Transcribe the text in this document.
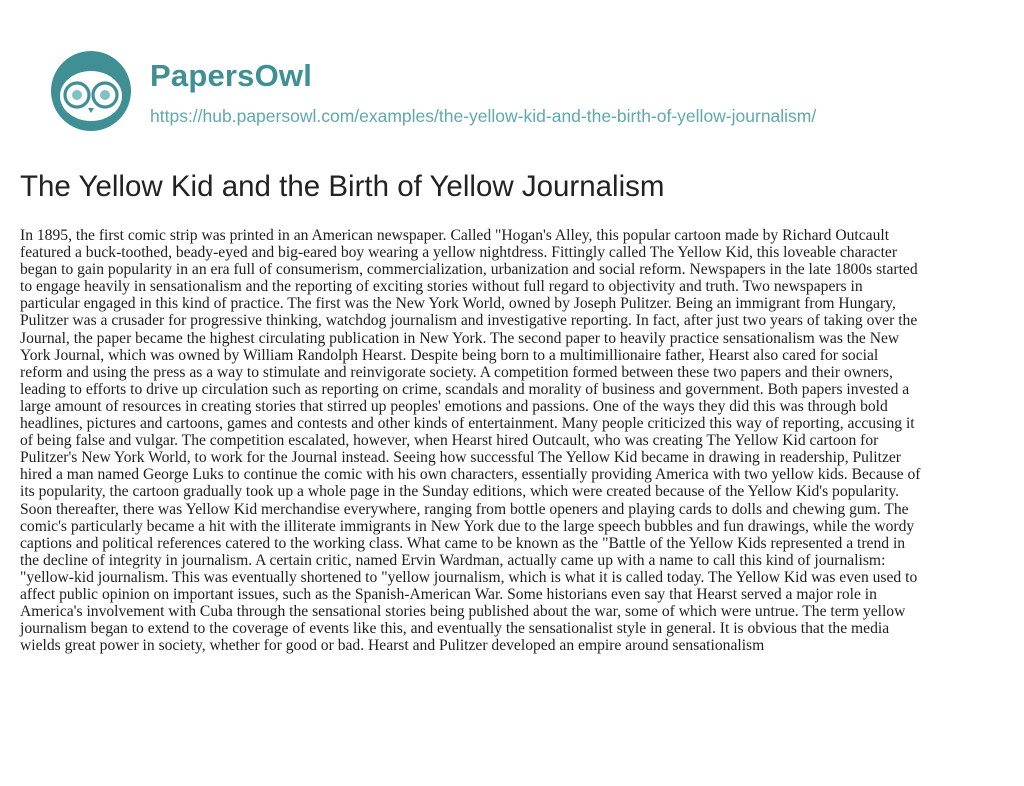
PapersOwl
https://hub.papersowl.com/examples/the-yellow-kid-and-the-birth-of-yellow-journalism/
The Yellow Kid and the Birth of Yellow Journalism
In 1895, the first comic strip was printed in an American newspaper. Called "Hogan's Alley, this popular cartoon made by Richard Outcault
featured a buck-toothed, beady-eyed and big-eared boy wearing a yellow nightdress. Fittingly called The Yellow Kid, this loveable character
began to gain popularity in an era full of consumerism, commercialization, urbanization and social reform. Newspapers in the late 1800s started
to engage heavily in sensationalism and the reporting of exciting stories without full regard to objectivity and truth. Two newspapers in
particular engaged in this kind of practice. The first was the New York World, owned by Joseph Pulitzer. Being an immigrant from Hungary,
Pulitzer was a crusader for progressive thinking, watchdog journalism and investigative reporting. In fact, after just two years of taking over the
Journal, the paper became the highest circulating publication in New York. The second paper to heavily practice sensationalism was the New
York Journal, which was owned by William Randolph Hearst. Despite being born to a multimillionaire father, Hearst also cared for social
reform and using the press as a way to stimulate and reinvigorate society. A competition formed between these two papers and their owners,
leading to efforts to drive up circulation such as reporting on crime, scandals and morality of business and government. Both papers invested a
large amount of resources in creating stories that stirred up peoples' emotions and passions. One of the ways they did this was through bold
headlines, pictures and cartoons, games and contests and other kinds of entertainment. Many people criticized this way of reporting, accusing it
of being false and vulgar. The competition escalated, however, when Hearst hired Outcault, who was creating The Yellow Kid cartoon for
Pulitzer's New York World, to work for the Journal instead. Seeing how successful The Yellow Kid became in drawing in readership, Pulitzer
hired a man named George Luks to continue the comic with his own characters, essentially providing America with two yellow kids. Because of
its popularity, the cartoon gradually took up a whole page in the Sunday editions, which were created because of the Yellow Kid's popularity.
Soon thereafter, there was Yellow Kid merchandise everywhere, ranging from bottle openers and playing cards to dolls and chewing gum. The
comic's particularly became a hit with the illiterate immigrants in New York due to the large speech bubbles and fun drawings, while the wordy
captions and political references catered to the working class. What came to be known as the "Battle of the Yellow Kids represented a trend in
the decline of integrity in journalism. A certain critic, named Ervin Wardman, actually came up with a name to call this kind of journalism:
"yellow-kid journalism. This was eventually shortened to "yellow journalism, which is what it is called today. The Yellow Kid was even used to
affect public opinion on important issues, such as the Spanish-American War. Some historians even say that Hearst served a major role in
America's involvement with Cuba through the sensational stories being published about the war, some of which were untrue. The term yellow
journalism began to extend to the coverage of events like this, and eventually the sensationalist style in general. It is obvious that the media
wields great power in society, whether for good or bad. Hearst and Pulitzer developed an empire around sensationalism
